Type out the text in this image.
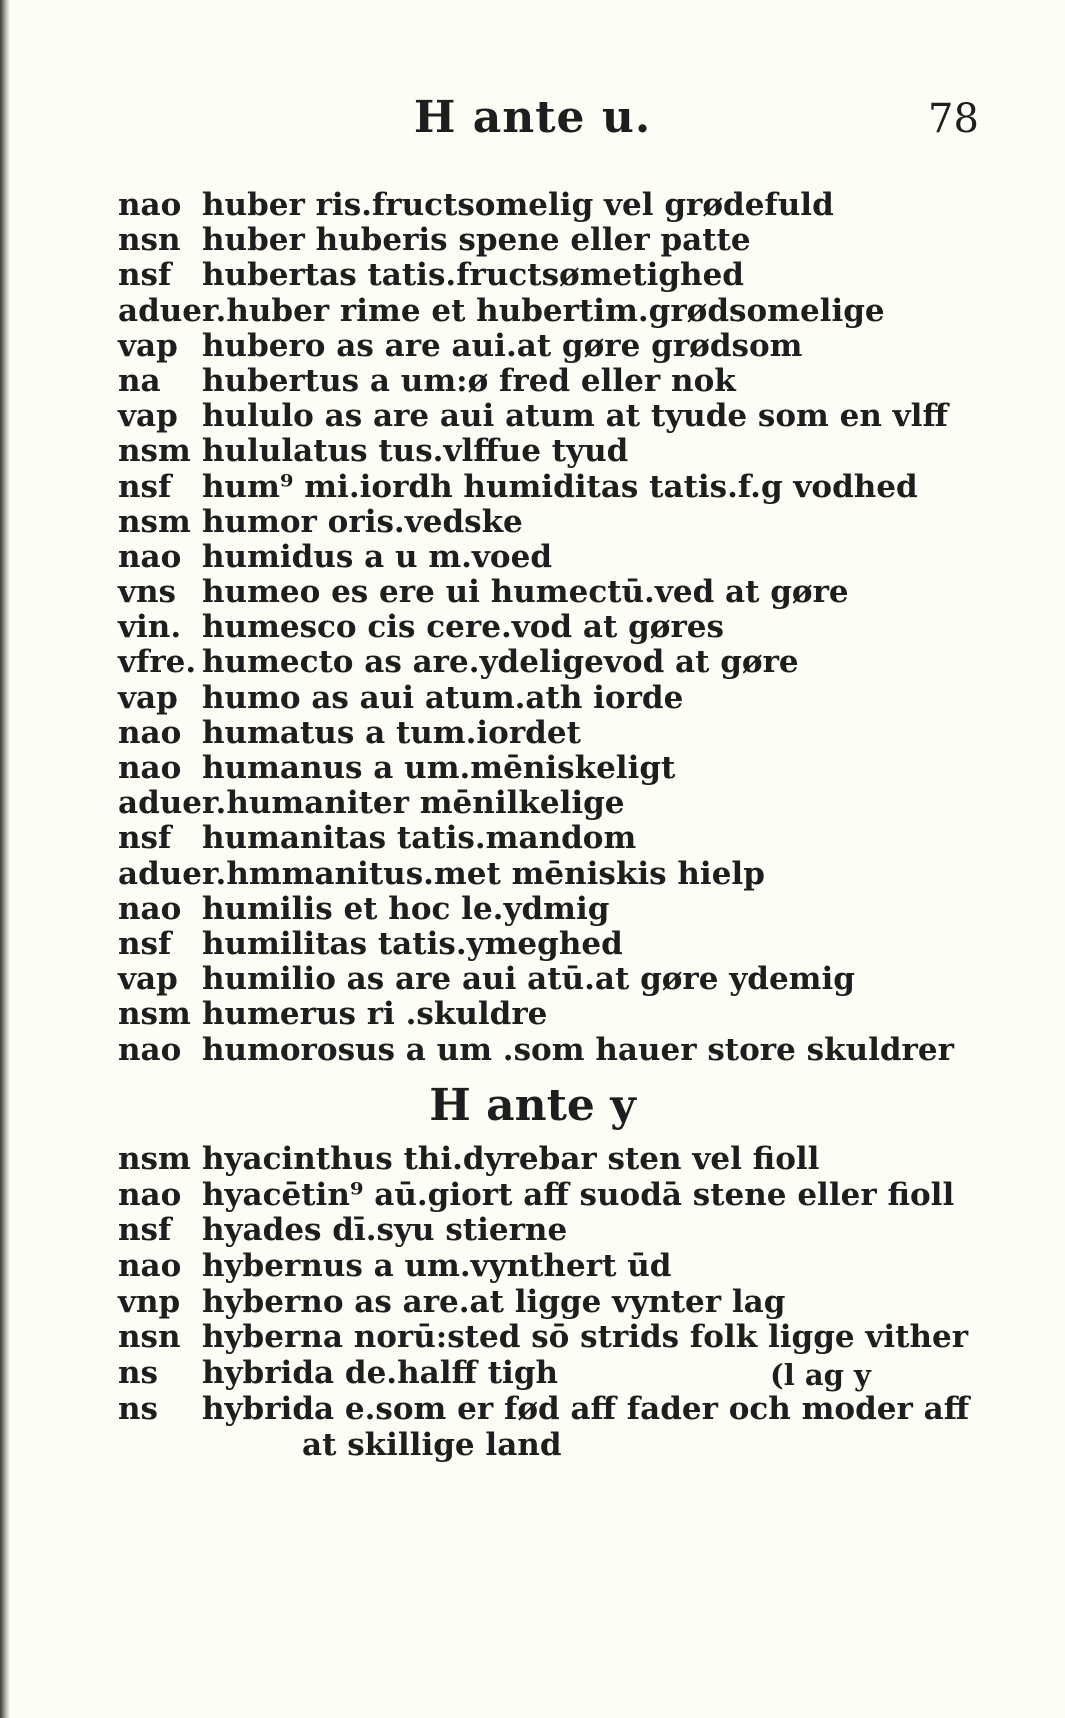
H ante u.	78
nao huber ris.fructsomelig vel grødefuld
nsn huber huberis spene eller patte
nsf hubertas tatis.fructsømetighed
aduer. huber rime et hubertim.grødsomelige
vap hubero as are aui.at gøre grødsom
na	hubertus a um:ø fred eller nok
vap hululo as are aui atum at tyude som en vlff
nsm hululatus tus.vlffue tyud
nsf hum⁹ mi.iordh humiditas tatis.f.g vodhed
nsm humor oris.vedske
nao humidus a u m.voed
vns humeo es ere ui humectū.ved at gøre
vin. humesco cis cere.vod at gøres
vfre. humecto as are.ydeligevod at gøre
vap humo as aui atum.ath iorde
nao humatus a tum.iordet
nao humanus a um.mēniskeligt
aduer. humaniter mēnilkelige
nsf humanitas tatis.mandom
aduer. hmmanitus.met mēniskis hielp
nao humilis et hoc le.ydmig
nsf humilitas tatis.ymeghed
vap humilio as are aui atū.at gøre ydemig
nsm humerus ri .skuldre
nao humorosus a um .som hauer store skuldrer
H ante y
nsm hyacinthus thi.dyrebar sten vel fioll
nao hyacētin⁹ aū.giort aff suodā stene eller fioll
nsf hyades dī.syu stierne
nao hybernus a um.vynthert ūd
vnp hyberno as are.at ligge vynter lag
nsn hyberna norū:sted sō strids folk ligge vither
ns	hybrida de.halff tigh
ns	hybrida e.som er fød aff fader och moder aff
at skillige land
(l ag y
